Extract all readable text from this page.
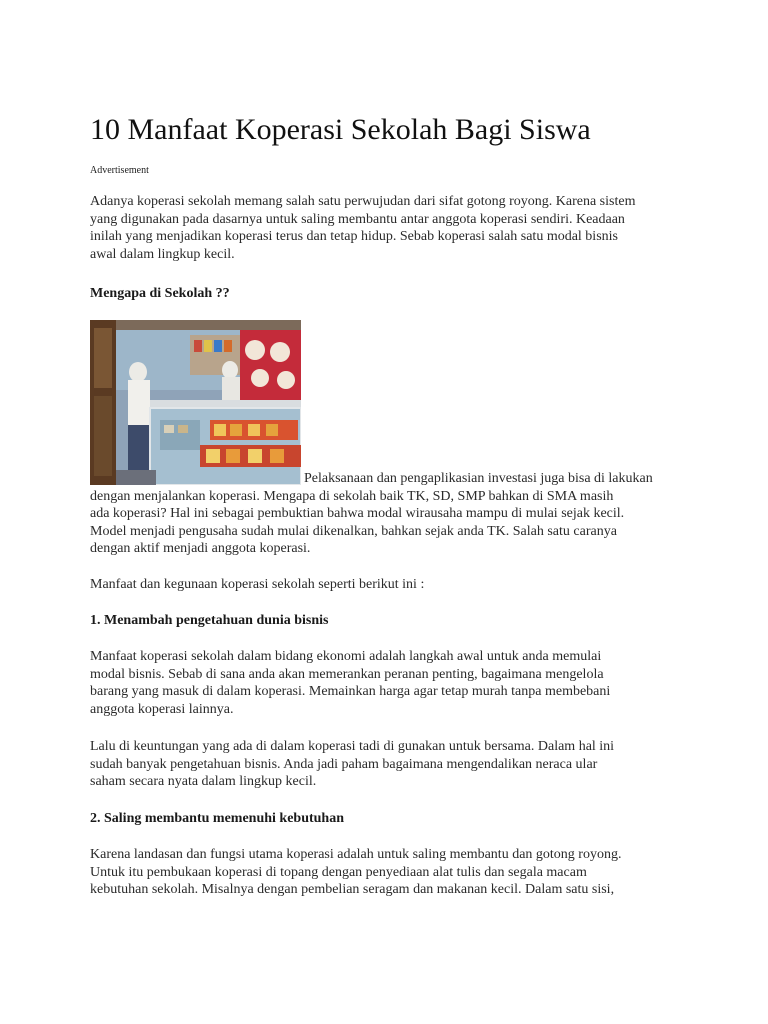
10 Manfaat Koperasi Sekolah Bagi Siswa
Advertisement

Adanya koperasi sekolah memang salah satu perwujudan dari sifat gotong royong. Karena sistem
yang digunakan pada dasarnya untuk saling membantu antar anggota koperasi sendiri. Keadaan
inilah yang menjadikan koperasi terus dan tetap hidup. Sebab koperasi salah satu modal bisnis
awal dalam lingkup kecil.

Mengapa di Sekolah ??

Pelaksanaan dan pengaplikasian investasi juga bisa di lakukan
dengan menjalankan koperasi. Mengapa di sekolah baik TK, SD, SMP bahkan di SMA masih
ada koperasi? Hal ini sebagai pembuktian bahwa modal wirausaha mampu di mulai sejak kecil.
Model menjadi pengusaha sudah mulai dikenalkan, bahkan sejak anda TK. Salah satu caranya
dengan aktif menjadi anggota koperasi.

Manfaat dan kegunaan koperasi sekolah seperti berikut ini :

1. Menambah pengetahuan dunia bisnis

Manfaat koperasi sekolah dalam bidang ekonomi adalah langkah awal untuk anda memulai
modal bisnis. Sebab di sana anda akan memerankan peranan penting, bagaimana mengelola
barang yang masuk di dalam koperasi. Memainkan harga agar tetap murah tanpa membebani
anggota koperasi lainnya.

Lalu di keuntungan yang ada di dalam koperasi tadi di gunakan untuk bersama. Dalam hal ini
sudah banyak pengetahuan bisnis. Anda jadi paham bagaimana mengendalikan neraca ular
saham secara nyata dalam lingkup kecil.

2. Saling membantu memenuhi kebutuhan

Karena landasan dan fungsi utama koperasi adalah untuk saling membantu dan gotong royong.
Untuk itu pembukaan koperasi di topang dengan penyediaan alat tulis dan segala macam
kebutuhan sekolah. Misalnya dengan pembelian seragam dan makanan kecil. Dalam satu sisi,
